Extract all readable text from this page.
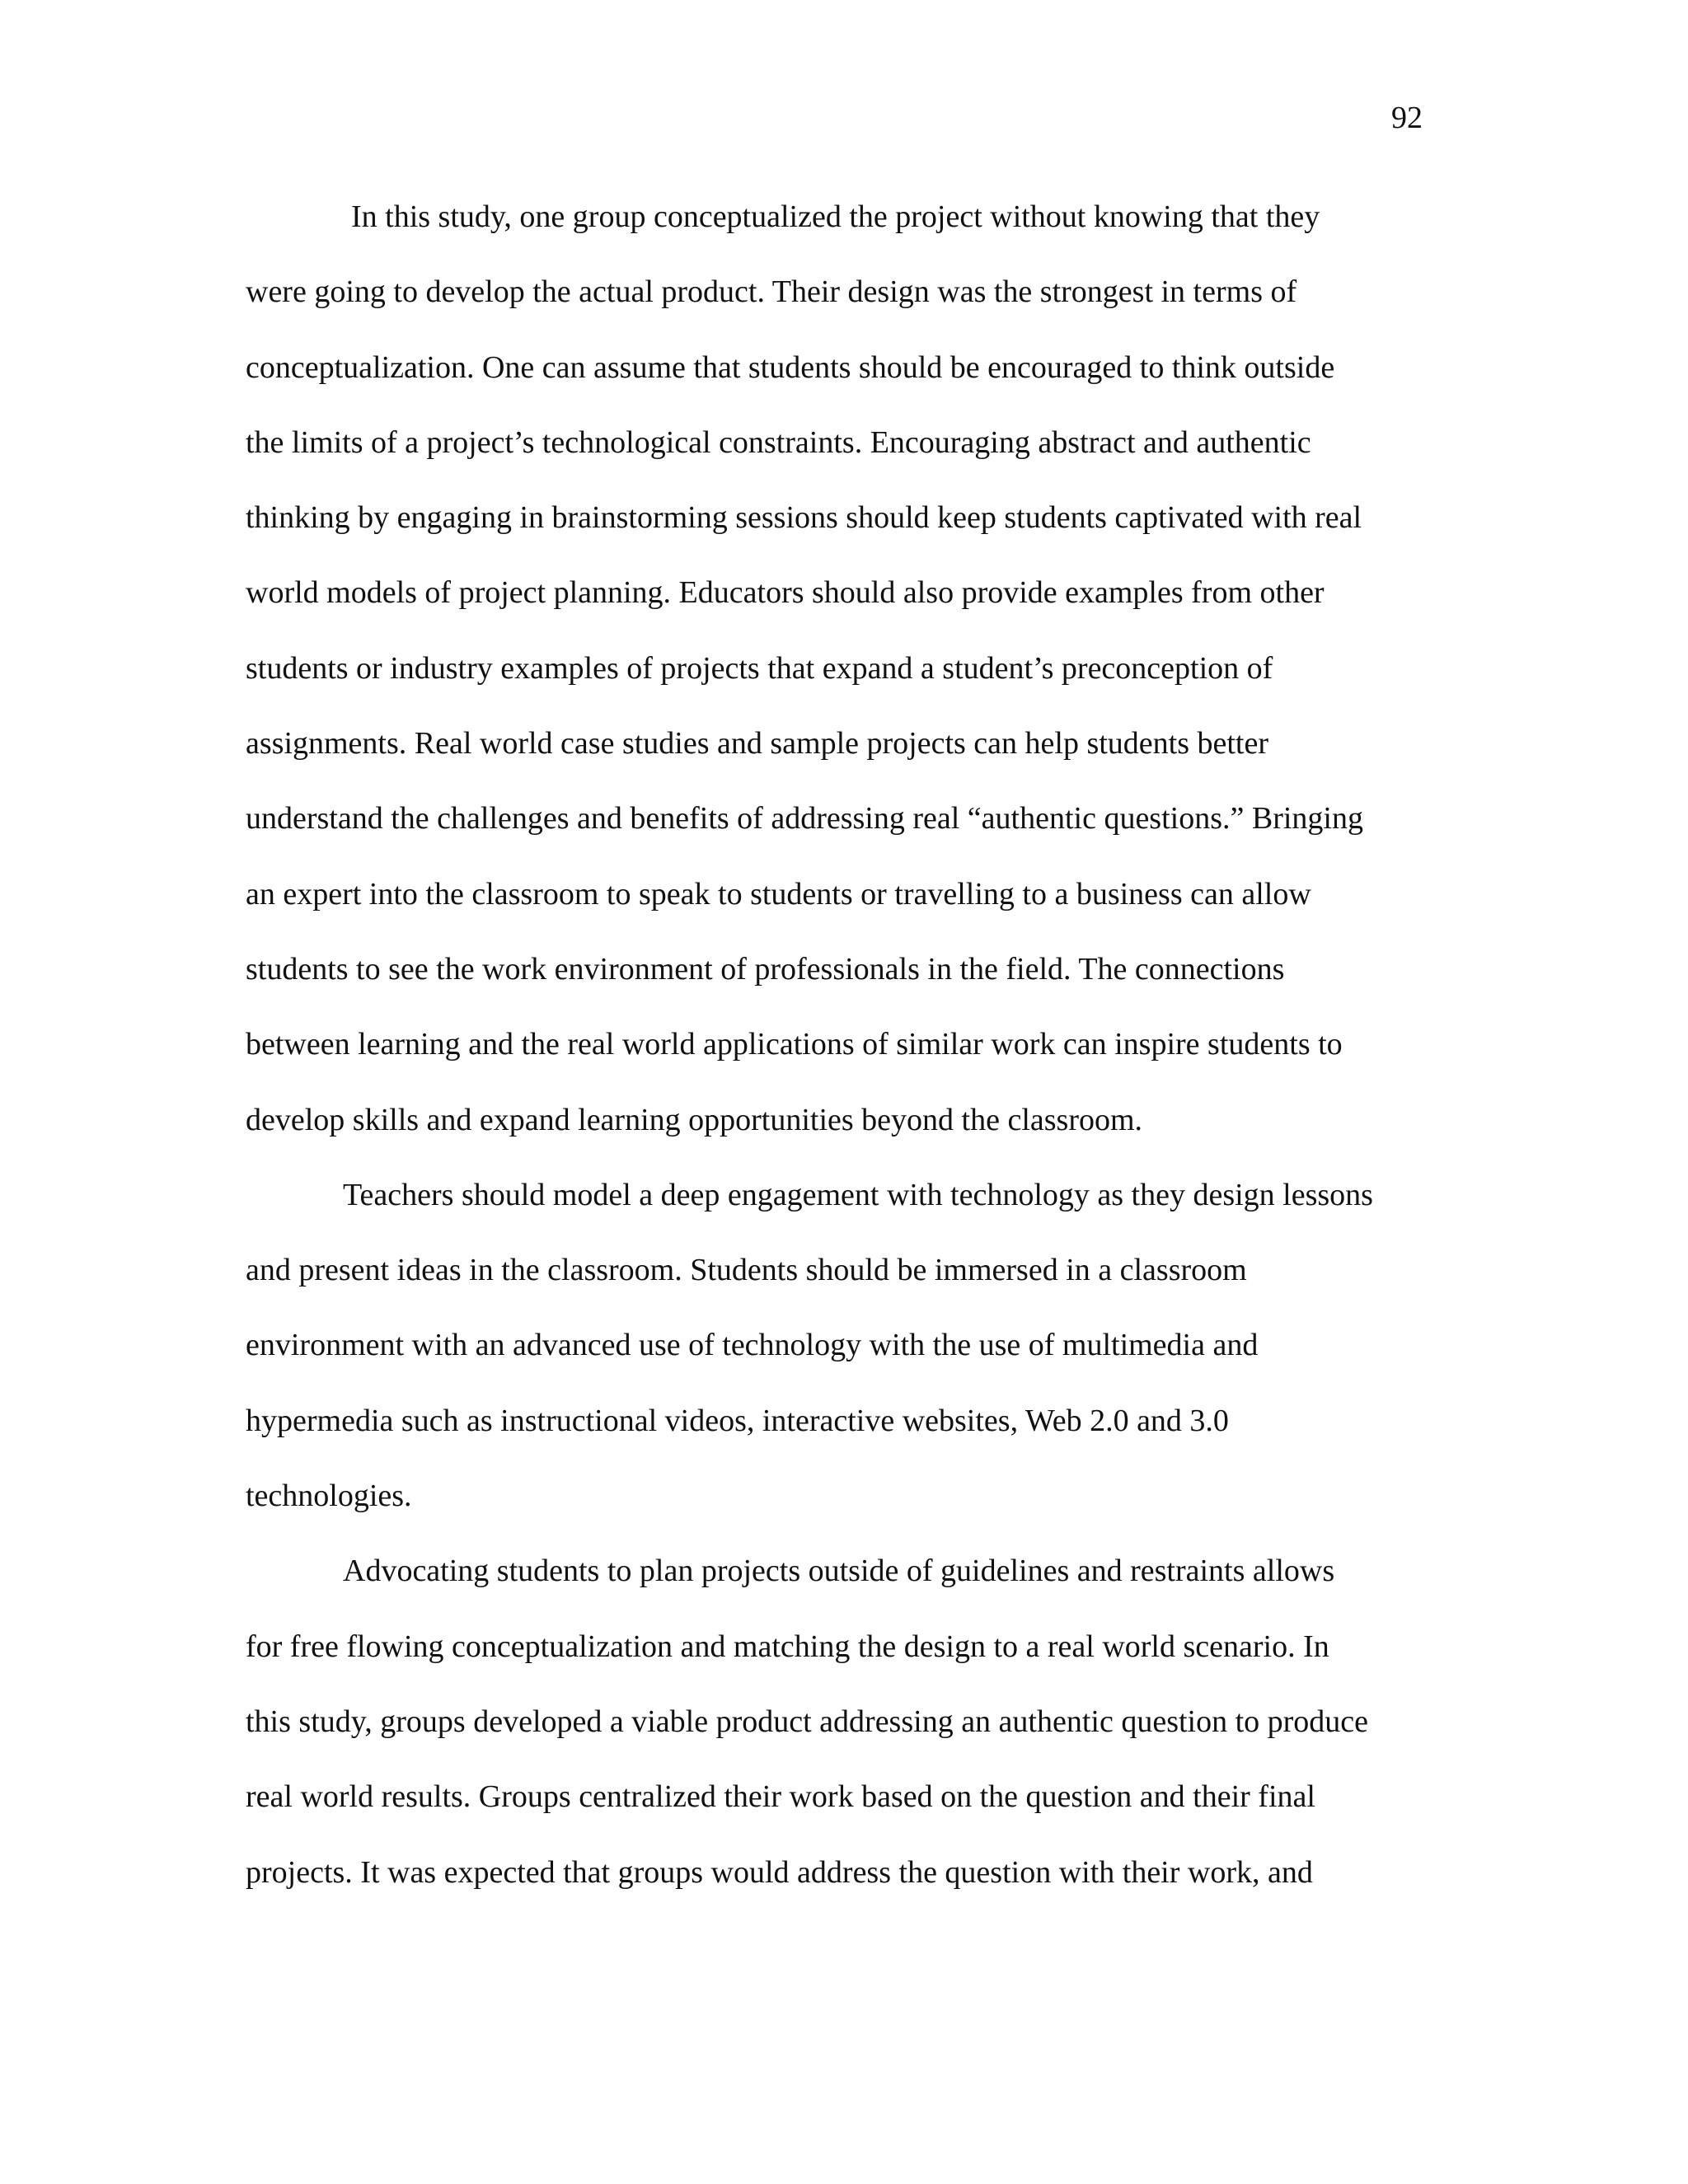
92
In this study, one group conceptualized the project without knowing that they
were going to develop the actual product. Their design was the strongest in terms of
conceptualization. One can assume that students should be encouraged to think outside
the limits of a project’s technological constraints. Encouraging abstract and authentic
thinking by engaging in brainstorming sessions should keep students captivated with real
world models of project planning. Educators should also provide examples from other
students or industry examples of projects that expand a student’s preconception of
assignments. Real world case studies and sample projects can help students better
understand the challenges and benefits of addressing real “authentic questions.” Bringing
an expert into the classroom to speak to students or travelling to a business can allow
students to see the work environment of professionals in the field. The connections
between learning and the real world applications of similar work can inspire students to
develop skills and expand learning opportunities beyond the classroom.
Teachers should model a deep engagement with technology as they design lessons
and present ideas in the classroom. Students should be immersed in a classroom
environment with an advanced use of technology with the use of multimedia and
hypermedia such as instructional videos, interactive websites, Web 2.0 and 3.0
technologies.
Advocating students to plan projects outside of guidelines and restraints allows
for free flowing conceptualization and matching the design to a real world scenario. In
this study, groups developed a viable product addressing an authentic question to produce
real world results. Groups centralized their work based on the question and their final
projects. It was expected that groups would address the question with their work, and
